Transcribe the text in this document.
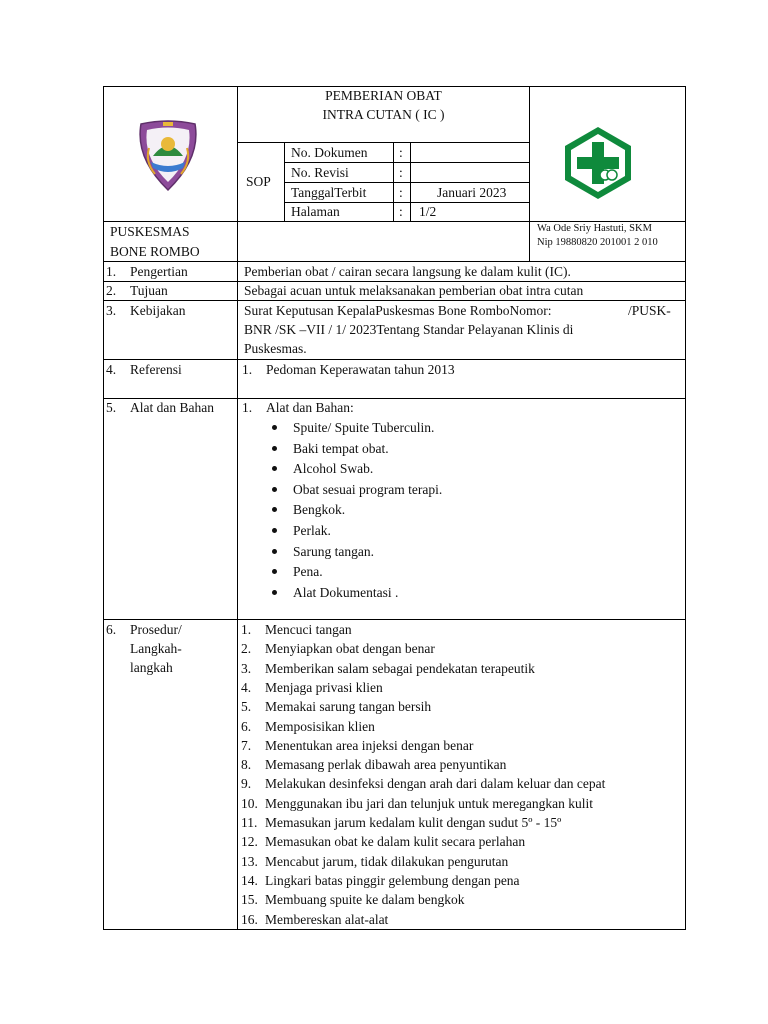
PEMBERIAN OBAT
INTRA CUTAN ( IC )
SOP
No. Dokumen :
No. Revisi	:
TanggalTerbit :	Januari 2023
Halaman	: 1/2
PUSKESMAS
BONE ROMBO
Wa Ode Sriy Hastuti, SKM
Nip 19880820 201001 2 010
1. Pengertian	Pemberian obat / cairan secara langsung ke dalam kulit (IC).
2. Tujuan	Sebagai acuan untuk melaksanakan pemberian obat intra cutan
3. Kebijakan	Surat Keputusan KepalaPuskesmas Bone RomboNomor:	/PUSK-
BNR /SK –VII / 1/ 2023Tentang Standar Pelayanan Klinis di
Puskesmas.
4. Referensi	1. Pedoman Keperawatan tahun 2013
5. Alat dan Bahan 1. Alat dan Bahan:
Spuite/ Spuite Tuberculin.
Baki tempat obat.
Alcohol Swab.
Obat sesuai program terapi.
Bengkok.
Perlak.
Sarung tangan.
Pena.
Alat Dokumentasi .
6. Prosedur/
Langkah-
langkah
1. Mencuci tangan
2. Menyiapkan obat dengan benar
3. Memberikan salam sebagai pendekatan terapeutik
4. Menjaga privasi klien
5. Memakai sarung tangan bersih
6. Memposisikan klien
7. Menentukan area injeksi dengan benar
8. Memasang perlak dibawah area penyuntikan
9. Melakukan desinfeksi dengan arah dari dalam keluar dan cepat
10. Menggunakan ibu jari dan telunjuk untuk meregangkan kulit
11. Memasukan jarum kedalam kulit dengan sudut 5º - 15º
12. Memasukan obat ke dalam kulit secara perlahan
13. Mencabut jarum, tidak dilakukan pengurutan
14. Lingkari batas pinggir gelembung dengan pena
15. Membuang spuite ke dalam bengkok
16. Membereskan alat-alat
